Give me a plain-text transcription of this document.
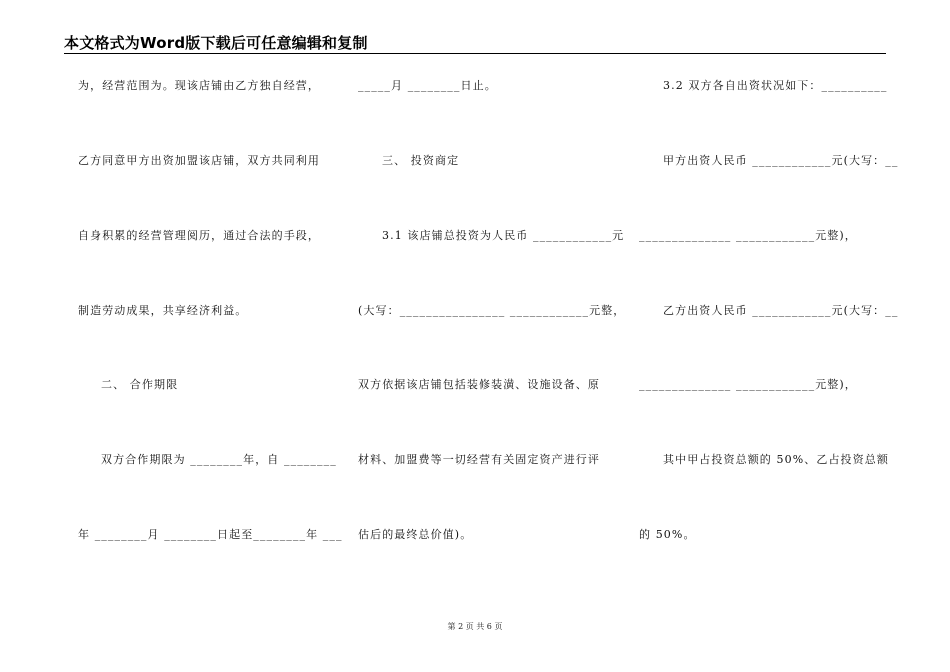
本文格式为Word版下载后可任意编辑和复制
为，经营范围为。现该店铺由乙方独自经营，
乙方同意甲方出资加盟该店铺，双方共同利用
自身积累的经营管理阅历，通过合法的手段，
制造劳动成果，共享经济利益。
二、 合作期限
双方合作期限为 ________年，自 ________
年 ________月 ________日起至________年 ___
_____月 ________日止。
三、 投资商定
3.1 该店铺总投资为人民币 ____________元
(大写：________________ ____________元整，
双方依据该店铺包括装修装潢、设施设备、原
材料、加盟费等一切经营有关固定资产进行评
估后的最终总价值)。
3.2 双方各自出资状况如下：__________
甲方出资人民币 ____________元(大写：__
______________ ____________元整)，
乙方出资人民币 ____________元(大写：__
______________ ____________元整)，
其中甲占投资总额的 50%、乙占投资总额
的 50%。
第 2 页 共 6 页
